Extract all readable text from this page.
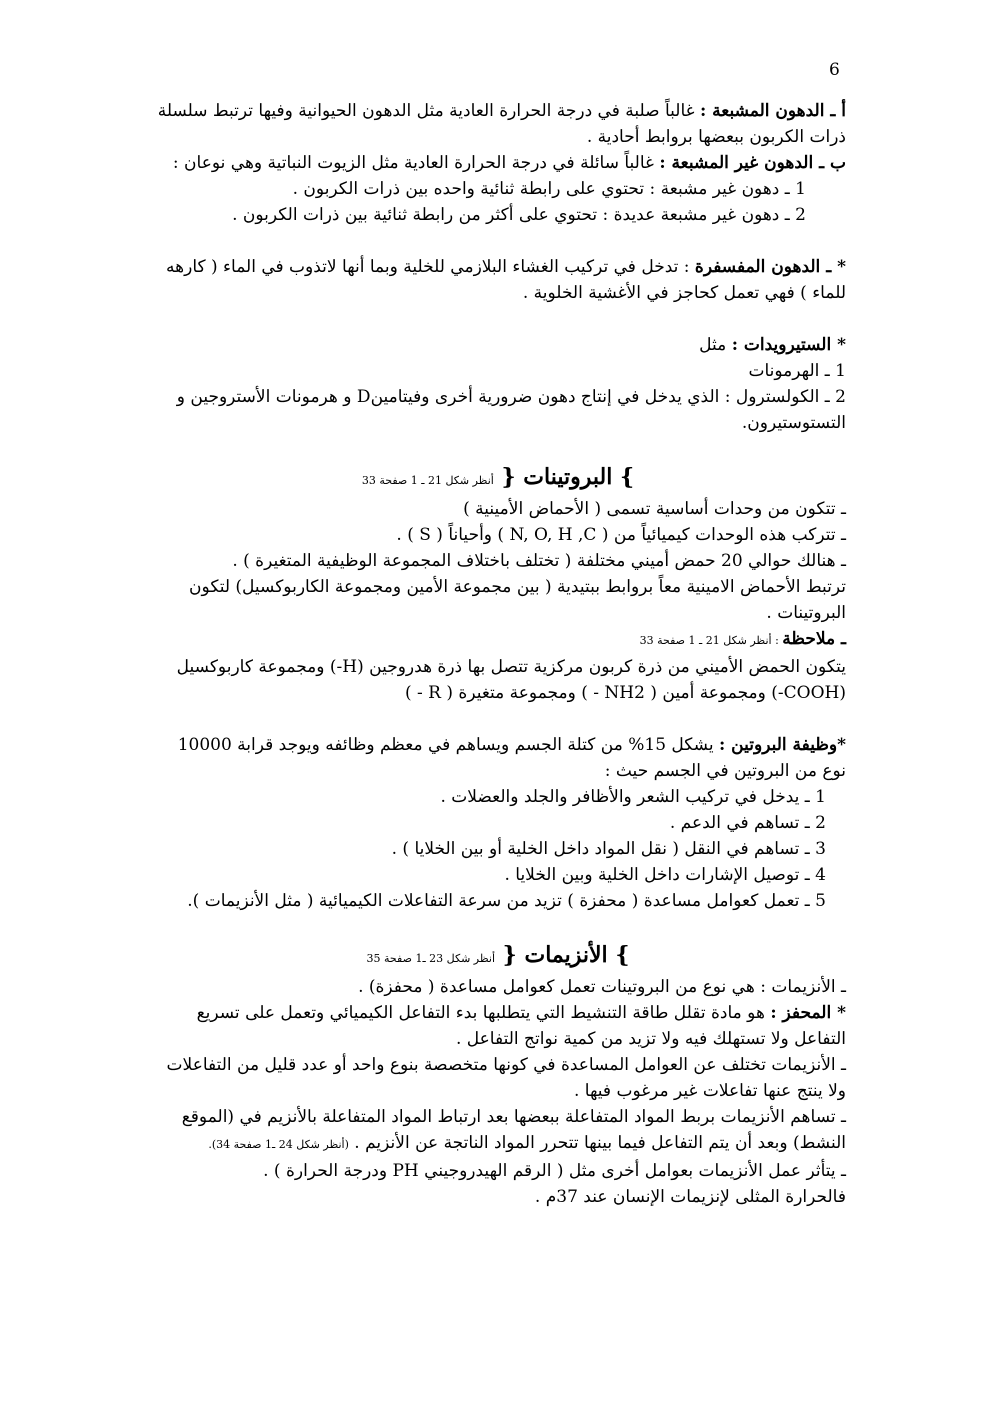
6

أ ـ الدهون المشبعة : غالباً صلبة في درجة الحرارة العادية مثل الدهون الحيوانية وفيها ترتبط سلسلة ذرات الكربون ببعضها بروابط أحادية .

ب ـ الدهون غير المشبعة : غالباً سائلة في درجة الحرارة العادية مثل الزيوت النباتية وهي نوعان :

1 ـ دهون غير مشبعة : تحتوي على رابطة ثنائية واحده بين ذرات الكربون .

2 ـ دهون غير مشبعة عديدة : تحتوي على أكثر من رابطة ثنائية بين ذرات الكربون .

* ـ الدهون المفسفرة : تدخل في تركيب الغشاء البلازمي للخلية وبما أنها لاتذوب في الماء ( كارهه للماء ) فهي تعمل كحاجز في الأغشية الخلوية .

* الستيرويدات : مثل

1 ـ الهرمونات

2 ـ الكولسترول : الذي يدخل في إنتاج دهون ضرورية أخرى وفيتامينD و هرمونات الأستروجين و التستوستيرون.

} البروتينات { أنظر شكل 21 ـ 1 صفحة 33

ـ تتكون من وحدات أساسية تسمى ( الأحماض الأمينية )

ـ تتركب هذه الوحدات كيميائياً من ( N, O, H ,C ) وأحياناً ( S ) .

ـ هنالك حوالي 20 حمض أميني مختلفة ( تختلف باختلاف المجموعة الوظيفية المتغيرة ) .

ترتبط الأحماض الامينية معاً بروابط ببتيدية ( بين مجموعة الأمين ومجموعة الكاربوكسيل) لتكون البروتينات .

ـ ملاحظة : أنظر شكل 21 ـ 1 صفحة 33

يتكون الحمض الأميني من ذرة كربون مركزية تتصل بها ذرة هدروجين (H-) ومجموعة كاربوكسيل (COOH-) ومجموعة أمين ( NH2 - ) ومجموعة متغيرة ( R - )

*وظيفة البروتين : يشكل 15% من كتلة الجسم ويساهم في معظم وظائفه ويوجد قرابة 10000 نوع من البروتين في الجسم حيث :

1 ـ يدخل في تركيب الشعر والأظافر والجلد والعضلات .

2 ـ تساهم في الدعم .

3 ـ تساهم في النقل ( نقل المواد داخل الخلية أو بين الخلايا ) .

4 ـ توصيل الإشارات داخل الخلية وبين الخلايا .

5 ـ تعمل كعوامل مساعدة ( محفزة ) تزيد من سرعة التفاعلات الكيميائية ( مثل الأنزيمات ).

} الأنزيمات { أنظر شكل 23 ـ1 صفحة 35

ـ الأنزيمات : هي نوع من البروتينات تعمل كعوامل مساعدة ( محفزة) .

* المحفز : هو مادة تقلل طاقة التنشيط التي يتطلبها بدء التفاعل الكيميائي وتعمل على تسريع التفاعل ولا تستهلك فيه ولا تزيد من كمية نواتج التفاعل .

ـ الأنزيمات تختلف عن العوامل المساعدة في كونها متخصصة بنوع واحد أو عدد قليل من التفاعلات ولا ينتج عنها تفاعلات غير مرغوب فيها .

ـ تساهم الأنزيمات بربط المواد المتفاعلة ببعضها بعد ارتباط المواد المتفاعلة بالأنزيم في (الموقع النشط) وبعد أن يتم التفاعل فيما بينها تتحرر المواد الناتجة عن الأنزيم . (أنظر شكل 24 ـ1 صفحة 34).

ـ يتأثر عمل الأنزيمات بعوامل أخرى مثل ( الرقم الهيدروجيني PH ودرجة الحرارة ) .

فالحرارة المثلى لإنزيمات الإنسان عند 37م .
